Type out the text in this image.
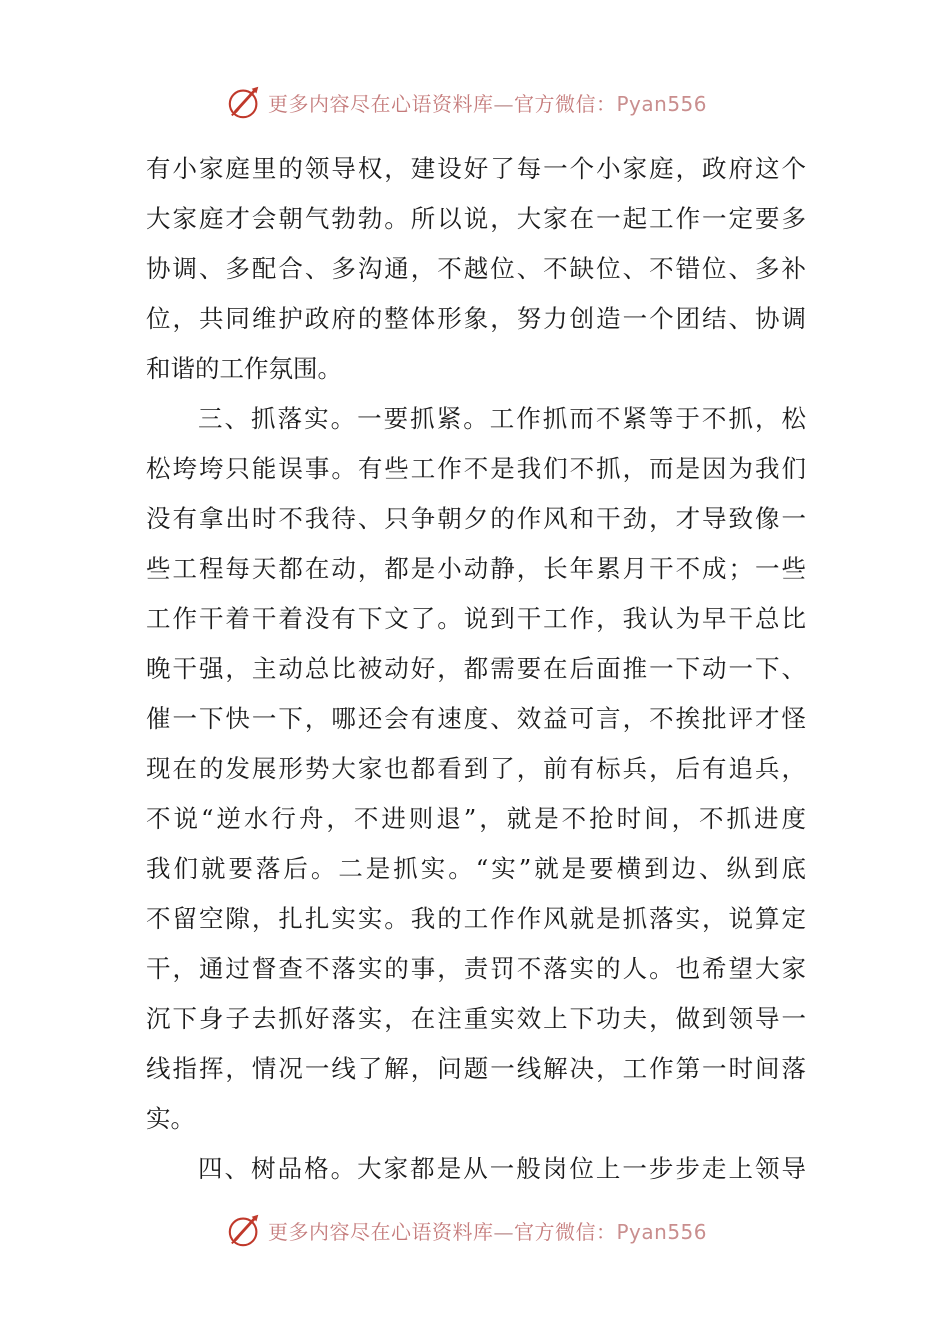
更多内容尽在心语资料库—官方微信：Pyan556
有小家庭里的领导权，建设好了每一个小家庭，政府这个
大家庭才会朝气勃勃。所以说，大家在一起工作一定要多
协调、多配合、多沟通，不越位、不缺位、不错位、多补
位，共同维护政府的整体形象，努力创造一个团结、协调
和谐的工作氛围。
三、抓落实。一要抓紧。工作抓而不紧等于不抓，松
松垮垮只能误事。有些工作不是我们不抓，而是因为我们
没有拿出时不我待、只争朝夕的作风和干劲，才导致像一
些工程每天都在动，都是小动静，长年累月干不成；一些
工作干着干着没有下文了。说到干工作，我认为早干总比
晚干强，主动总比被动好，都需要在后面推一下动一下、
催一下快一下，哪还会有速度、效益可言，不挨批评才怪
现在的发展形势大家也都看到了，前有标兵，后有追兵，
不说“逆水行舟，不进则退”，就是不抢时间，不抓进度
我们就要落后。二是抓实。“实”就是要横到边、纵到底
不留空隙，扎扎实实。我的工作作风就是抓落实，说算定
干，通过督查不落实的事，责罚不落实的人。也希望大家
沉下身子去抓好落实，在注重实效上下功夫，做到领导一
线指挥，情况一线了解，问题一线解决，工作第一时间落
实。
四、树品格。大家都是从一般岗位上一步步走上领导
更多内容尽在心语资料库—官方微信：Pyan556
